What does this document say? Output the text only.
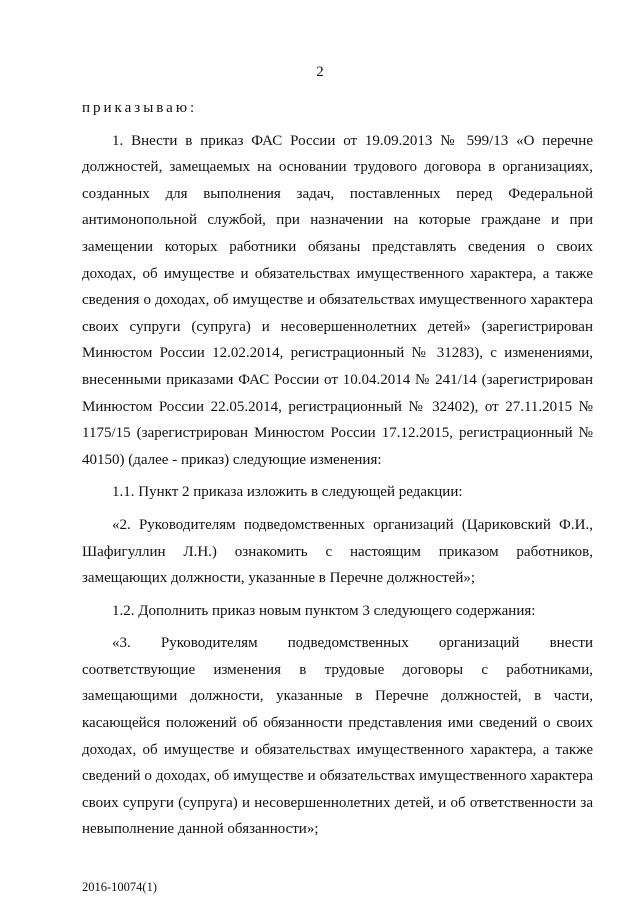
2

приказываю:

1. Внести в приказ ФАС России от 19.09.2013 № 599/13 «О перечне должностей, замещаемых на основании трудового договора в организациях, созданных для выполнения задач, поставленных перед Федеральной антимонопольной службой, при назначении на которые граждане и при замещении которых работники обязаны представлять сведения о своих доходах, об имуществе и обязательствах имущественного характера, а также сведения о доходах, об имуществе и обязательствах имущественного характера своих супруги (супруга) и несовершеннолетних детей» (зарегистрирован Минюстом России 12.02.2014, регистрационный № 31283), с изменениями, внесенными приказами ФАС России от 10.04.2014 № 241/14 (зарегистрирован Минюстом России 22.05.2014, регистрационный № 32402), от 27.11.2015 № 1175/15 (зарегистрирован Минюстом России 17.12.2015, регистрационный № 40150) (далее - приказ) следующие изменения:

1.1. Пункт 2 приказа изложить в следующей редакции:

«2. Руководителям подведомственных организаций (Цариковский Ф.И., Шафигуллин Л.Н.) ознакомить с настоящим приказом работников, замещающих должности, указанные в Перечне должностей»;

1.2. Дополнить приказ новым пунктом 3 следующего содержания:

«3. Руководителям подведомственных организаций внести соответствующие изменения в трудовые договоры с работниками, замещающими должности, указанные в Перечне должностей, в части, касающейся положений об обязанности представления ими сведений о своих доходах, об имуществе и обязательствах имущественного характера, а также сведений о доходах, об имуществе и обязательствах имущественного характера своих супруги (супруга) и несовершеннолетних детей, и об ответственности за невыполнение данной обязанности»;

2016-10074(1)
